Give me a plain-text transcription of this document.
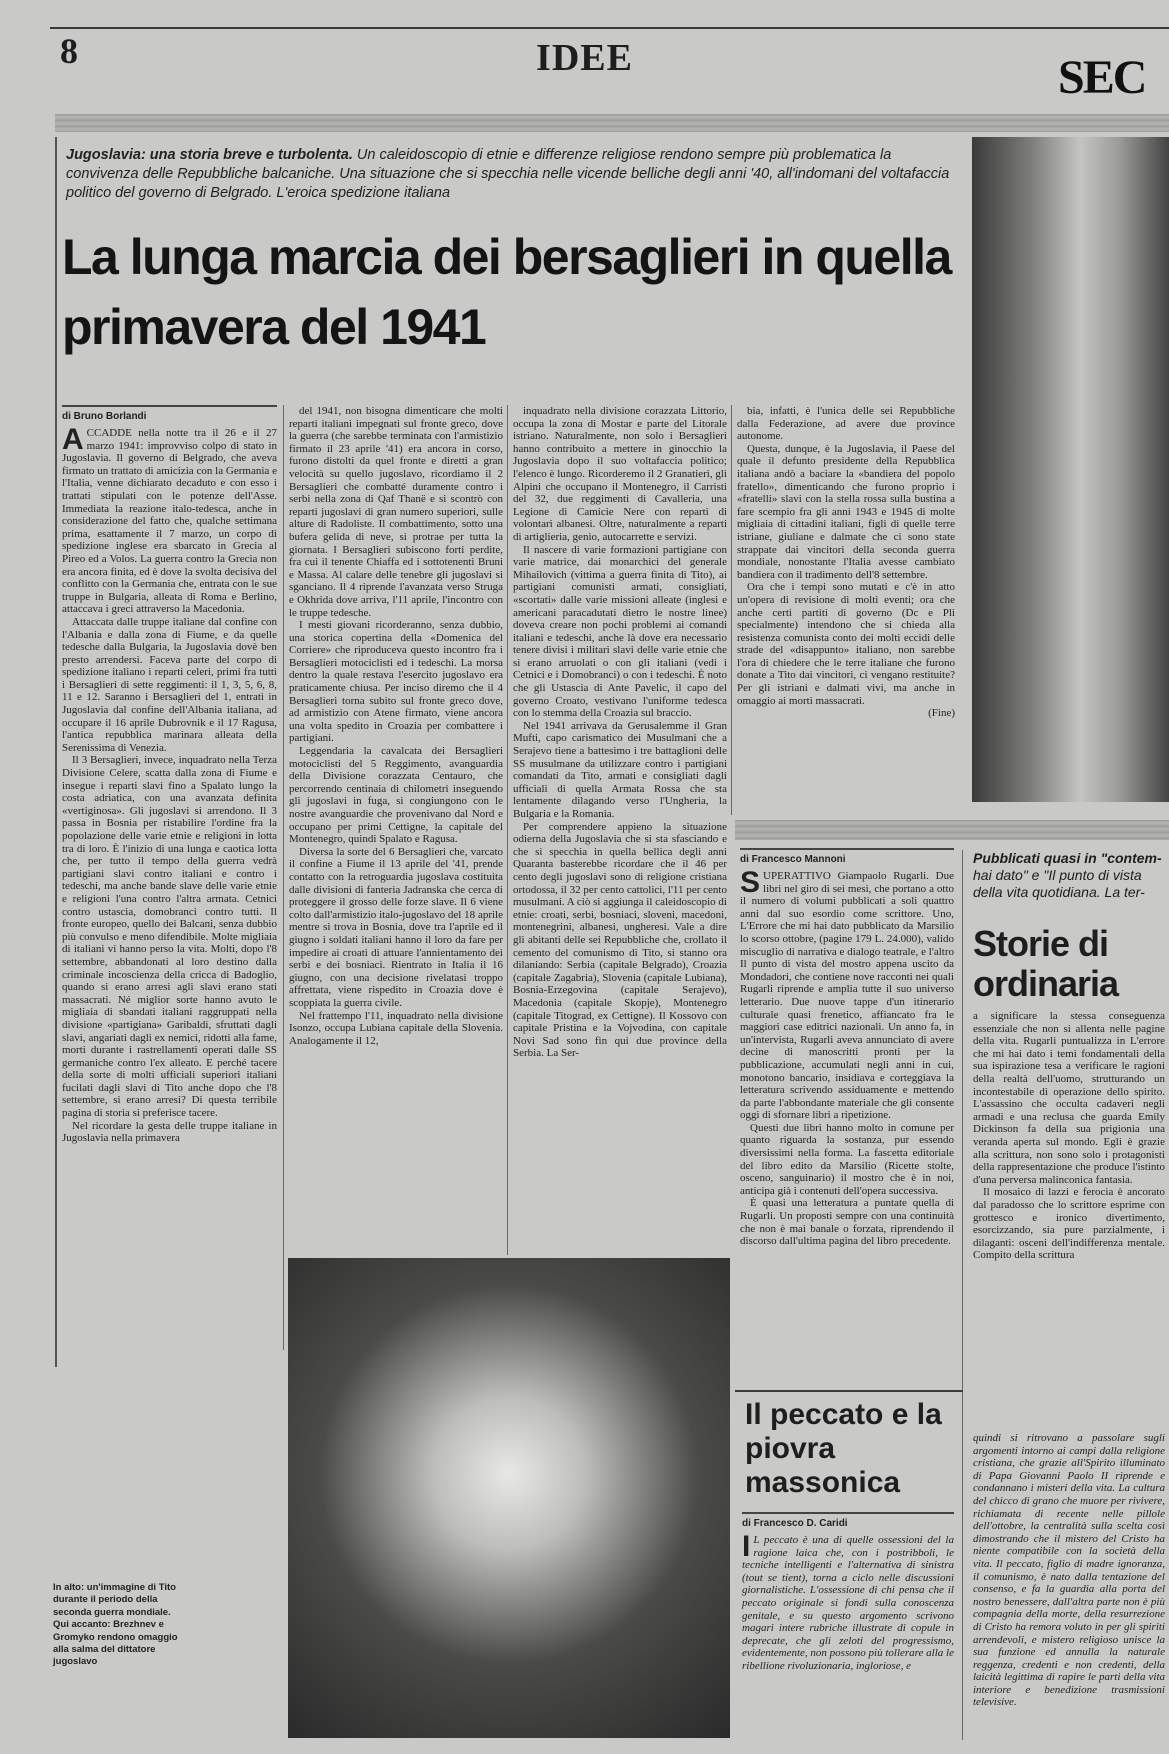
8	IDEE	SEC
Jugoslavia: una storia breve e turbolenta. Un caleidoscopio di etnie e differenze religiose rendono sempre più problematica la convivenza delle Repubbliche balcaniche. Una situazione che si specchia nelle vicende belliche degli anni '40, all'indomani del voltafaccia politico del governo di Belgrado. L'eroica spedizione italiana
La lunga marcia dei bersaglieri in quella primavera del 1941
di Bruno Borlandi
A CCADDE nella notte tra il 26 e il 27 marzo 1941: improvviso colpo di stato in Jugoslavia. Il governo di Belgrado, che aveva firmato un trattato di amicizia con la Germania e l'Italia, venne dichiarato decaduto e con esso i trattati stipulati con le potenze dell'Asse. Immediata la reazione italo-tedesca, anche in considerazione del fatto che, qualche settimana prima, esattamente il 7 marzo, un corpo di spedizione inglese era sbarcato in Grecia al Pireo ed a Volos. La guerra contro la Grecia non era ancora finita, ed è dove la svolta decisiva del conflitto con la Germania che, entrata con le sue truppe in Bulgaria, alleata di Roma e Berlino, attaccava i greci attraverso la Macedonia.

Attaccata dalle truppe italiane dal confine con l'Albania e dalla zona di Fiume, e da quelle tedesche dalla Bulgaria, la Jugoslavia dovè ben presto arrendersi. Faceva parte del corpo di spedizione italiano i reparti celeri, primi fra tutti i Bersaglieri di sette reggimenti: il 1, 3, 5, 6, 8, 11 e 12. Saranno i Bersaglieri del 1, entrati in Jugoslavia dal confine dell'Albania italiana, ad occupare il 16 aprile Dubrovnik e il 17 Ragusa, l'antica repubblica marinara alleata della Serenissima di Venezia.

Il 3 Bersaglieri, invece, inquadrato nella Terza Divisione Celere, scatta dalla zona di Fiume e insegue i reparti slavi fino a Spalato lungo la costa adriatica, con una avanzata definita «vertiginosa». Gli jugoslavi si arrendono. Il 3 passa in Bosnia per ristabilire l'ordine fra la popolazione delle varie etnie e religioni in lotta tra di loro. È l'inizio di una lunga e caotica lotta che, per tutto il tempo della guerra vedrà partigiani slavi contro italiani e contro i tedeschi, ma anche bande slave delle varie etnie e religioni l'una contro l'altra armata. Cetnici contro ustascia, domobranci contro tutti. Il fronte europeo, quello dei Balcani, senza dubbio più convulso e meno difendibile. Molte migliaia di italiani vi hanno perso la vita. Molti, dopo l'8 settembre, abbandonati al loro destino dalla criminale incoscienza della cricca di Badoglio, quando si erano arresi agli slavi erano stati massacrati. Né miglior sorte hanno avuto le migliaia di sbandati italiani raggruppati nella divisione «partigiana» Garibaldi, sfruttati dagli slavi, angariati dagli ex nemici, ridotti alla fame, morti durante i rastrellamenti operati dalle SS germaniche contro l'ex alleato. E perché tacere della sorte di molti ufficiali superiori italiani fucilati dagli slavi di Tito anche dopo che l'8 settembre, si erano arresi? Di questa terribile pagina di storia si preferisce tacere.

Nel ricordare la gesta delle truppe italiane in Jugoslavia nella primavera

del 1941, non bisogna dimenticare che molti reparti italiani impegnati sul fronte greco, dove la guerra (che sarebbe terminata con l'armistizio firmato il 23 aprile '41) era ancora in corso, furono distolti da quel fronte e diretti a gran velocità su quello jugoslavo, ricordiamo il 2 Bersaglieri che combatté duramente contro i serbi nella zona di Qaf Thanë e si scontrò con reparti jugoslavi di gran numero superiori, sulle alture di Radoliste. Il combattimento, sotto una bufera gelida di neve, si protrae per tutta la giornata. I Bersaglieri subiscono forti perdite, fra cui il tenente Chiaffa ed i sottotenenti Bruni e Massa. Al calare delle tenebre gli jugoslavi si sganciano. Il 4 riprende l'avanzata verso Struga e Okhrida dove arriva, l'11 aprile, l'incontro con le truppe tedesche.

I mesti giovani ricorderanno, senza dubbio, una storica copertina della «Domenica del Corriere» che riproduceva questo incontro fra i Bersaglieri motociclisti ed i tedeschi. La morsa dentro la quale restava l'esercito jugoslavo era praticamente chiusa. Per inciso diremo che il 4 Bersaglieri torna subito sul fronte greco dove, ad armistizio con Atene firmato, viene ancora una volta spedito in Croazia per combattere i partigiani.

Leggendaria la cavalcata dei Bersaglieri motociclisti del 5 Reggimento, avanguardia della Divisione corazzata Centauro, che percorrendo centinaia di chilometri inseguendo gli jugoslavi in fuga, si congiungono con le nostre avanguardie che provenivano dal Nord e occupano per primi Cettigne, la capitale del Montenegro, quindi Spalato e Ragusa.

Diversa la sorte del 6 Bersaglieri che, varcato il confine a Fiume il 13 aprile del '41, prende contatto con la retroguardia jugoslava costituita dalle divisioni di fanteria Jadranska che cerca di proteggere il grosso delle forze slave. Il 6 viene colto dall'armistizio italo-jugoslavo del 18 aprile mentre si trova in Bosnia, dove tra l'aprile ed il giugno i soldati italiani hanno il loro da fare per impedire ai croati di attuare l'annientamento dei serbi e dei bosniaci. Rientrato in Italia il 16 giugno, con una decisione rivelatasi troppo affrettata, viene rispedito in Croazia dove è scoppiata la guerra civile.

Nel frattempo l'11, inquadrato nella divisione Isonzo, occupa Lubiana capitale della Slovenia. Analogamente il 12,

inquadrato nella divisione corazzata Littorio, occupa la zona di Mostar e parte del Litorale istriano. Naturalmente, non solo i Bersaglieri hanno contribuito a mettere in ginocchio la Jugoslavia dopo il suo voltafaccia politico; l'elenco è lungo. Ricorderemo il 2 Granatieri, gli Alpini che occupano il Montenegro, il Carristi del 32, due reggimenti di Cavalleria, una Legione di Camicie Nere con reparti di volontari albanesi. Oltre, naturalmente a reparti di artiglieria, genio, autocarrette e servizi.

Il nascere di varie formazioni partigiane con varie matrice, dai monarchici del generale Mihailovich (vittima a guerra finita di Tito), ai partigiani comunisti armati, consigliati, «scortati» dalle varie missioni alleate (inglesi e americani paracadutati dietro le nostre linee) doveva creare non pochi problemi ai comandi italiani e tedeschi, anche là dove era necessario tenere divisi i militari slavi delle varie etnie che si erano arruolati o con gli italiani (vedi i Cetnici e i Domobranci) o con i tedeschi. È noto che gli Ustascia di Ante Pavelic, il capo del governo Croato, vestivano l'uniforme tedesca con lo stemma della Croazia sul braccio.

Nel 1941 arrivava da Gerusalemme il Gran Mufti, capo carismatico dei Musulmani che a Serajevo tiene a battesimo i tre battaglioni delle SS musulmane da utilizzare contro i partigiani comandati da Tito, armati e consigliati dagli ufficiali di quella Armata Rossa che sta lentamente dilagando verso l'Ungheria, la Bulgaria e la Romania.

Per comprendere appieno la situazione odierna della Jugoslavia che si sta sfasciando e che si specchia in quella bellica degli anni Quaranta basterebbe ricordare che il 46 per cento degli jugoslavi sono di religione cristiana ortodossa, il 32 per cento cattolici, l'11 per cento musulmani. A ciò si aggiunga il caleidoscopio di etnie: croati, serbi, bosniaci, sloveni, macedoni, montenegrini, albanesi, ungheresi. Vale a dire gli abitanti delle sei Repubbliche che, crollato il cemento del comunismo di Tito, si stanno ora dilaniando: Serbia (capitale Belgrado), Croazia (capitale Zagabria), Slovenia (capitale Lubiana), Bosnia-Erzegovina (capitale Serajevo), Macedonia (capitale Skopje), Montenegro (capitale Titograd, ex Cettigne). Il Kossovo con capitale Pristina e la Vojvodina, con capitale Novi Sad sono fin qui due province della Serbia. La Ser-

bia, infatti, è l'unica delle sei Repubbliche dalla Federazione, ad avere due province autonome.

Questa, dunque, è la Jugoslavia, il Paese del quale il defunto presidente della Repubblica italiana andò a baciare la «bandiera del popolo fratello», dimenticando che furono proprio i «fratelli» slavi con la stella rossa sulla bustina a fare scempio fra gli anni 1943 e 1945 di molte migliaia di cittadini italiani, figli di quelle terre istriane, giuliane e dalmate che ci sono state strappate dai vincitori della seconda guerra mondiale, nonostante l'Italia avesse cambiato bandiera con il tradimento dell'8 settembre.

Ora che i tempi sono mutati e c'è in atto un'opera di revisione di molti eventi; ora che anche certi partiti di governo (Dc e Pli specialmente) intendono che si chieda alla resistenza comunista conto dei molti eccidi delle strade del «disappunto» italiano, non sarebbe l'ora di chiedere che le terre italiane che furono donate a Tito dai vincitori, ci vengano restituite? Per gli istriani e dalmati vivi, ma anche in omaggio ai morti massacrati.

(Fine)

di Francesco Mannoni
S UPERATTIVO Giampaolo Rugarli. Due libri nel giro di sei mesi, che portano a otto il numero di volumi pubblicati a soli quattro anni dal suo esordio come scrittore. Uno, L'Errore che mi hai dato pubblicato da Marsilio lo scorso ottobre, (pagine 179 L. 24.000), valido miscuglio di narrativa e dialogo teatrale, e l'altro Il punto di vista del mostro appena uscito da Mondadori, che contiene nove racconti nei quali Rugarli riprende e amplia tutte il suo universo letterario. Due nuove tappe d'un itinerario culturale quasi frenetico, affiancato fra le maggiori case editrici nazionali. Un anno fa, in un'intervista, Rugarli aveva annunciato di avere decine di manoscritti pronti per la pubblicazione, accumulati negli anni in cui, monotono bancario, insidiava e corteggiava la letteratura scrivendo assiduamente e mettendo da parte l'abbondante materiale che gli consente oggi di sfornare libri a ripetizione.

Questi due libri hanno molto in comune per quanto riguarda la sostanza, pur essendo diversissimi nella forma. La fascetta editoriale del libro edito da Marsilio (Ricette stolte, osceno, sanguinario) il mostro che è in noi, anticipa già i contenuti dell'opera successiva.

È quasi una letteratura a puntate quella di Rugarli. Un proposti sempre con una continuità che non è mai banale o forzata, riprendendo il discorso dall'ultima pagina del libro precedente.

Pubblicati quasi in "contem- hai dato" e "Il punto di vista della vita quotidiana. La ter-
Storie di ordinaria

a significare la stessa conseguenza essenziale che non si allenta nelle pagine della vita. Rugarli puntualizza in L'errore che mi hai dato i temi fondamentali della sua ispirazione tesa a verificare le ragioni della realtà dell'uomo, strutturando un incontestabile di operazione dello spirito. L'assassino che occulta cadaveri negli armadi e una reclusa che guarda Emily Dickinson fa della sua prigionia una veranda aperta sul mondo. Egli è grazie alla scrittura, non sono solo i protagonisti della rappresentazione che produce l'istinto d'una perversa malinconica fantasia.

Il mosaico di lazzi e ferocia è ancorato dal paradosso che lo scrittore esprime con grottesco e ironico divertimento, esorcizzando, sia pure parzialmente, i dilaganti: osceni dell'indifferenza mentale. Compito della scrittura

In alto: un'immagine di Tito durante il periodo della seconda guerra mondiale. Qui accanto: Brezhnev e Gromyko rendono omaggio alla salma del dittatore jugoslavo
Il peccato e la piovra massonica
di Francesco D. Caridi
I L peccato è una di quelle ossessioni del la ragione laica che, con i postribboli, le tecniche intelligenti e l'alternativa di sinistra (tout se tient), torna a ciclo nelle discussioni giornalistiche. L'ossessione di chi pensa che il peccato originale si fondi sulla conoscenza genitale, e su questo argomento scrivono magari intere rubriche illustrate di copule in deprecate, che gli zeloti del progressismo, evidentemente, non possono più tollerare alla le ribellione rivoluzionaria, ingloriose, e

quindi si ritrovano a passolare sugli argomenti intorno ai campi dalla religione cristiana, che grazie all'Spirito illuminato di Papa Giovanni Paolo II riprende e condannano i misteri della vita. La cultura del chicco di grano che muore per rivivere, richiamata di recente nelle pillole dell'ottobre, la centralità sulla scelta così dimostrando che il mistero del Cristo ha niente compatibile con la società della vita. Il peccato, figlio di madre ignoranza, il comunismo, è nato dalla tentazione del consenso, e fa la guardia alla porta del nostro benessere, dall'altra parte non è più compagnia della morte, della resurrezione di Cristo ha remora voluto in per gli spiriti arrendevoli, e mistero religioso unisce la sua funzione ed annulla la naturale reggenza, credenti e non credenti, della laicità legittima di rapire le parti della vita interiore e benedizione trasmissioni televisive.
